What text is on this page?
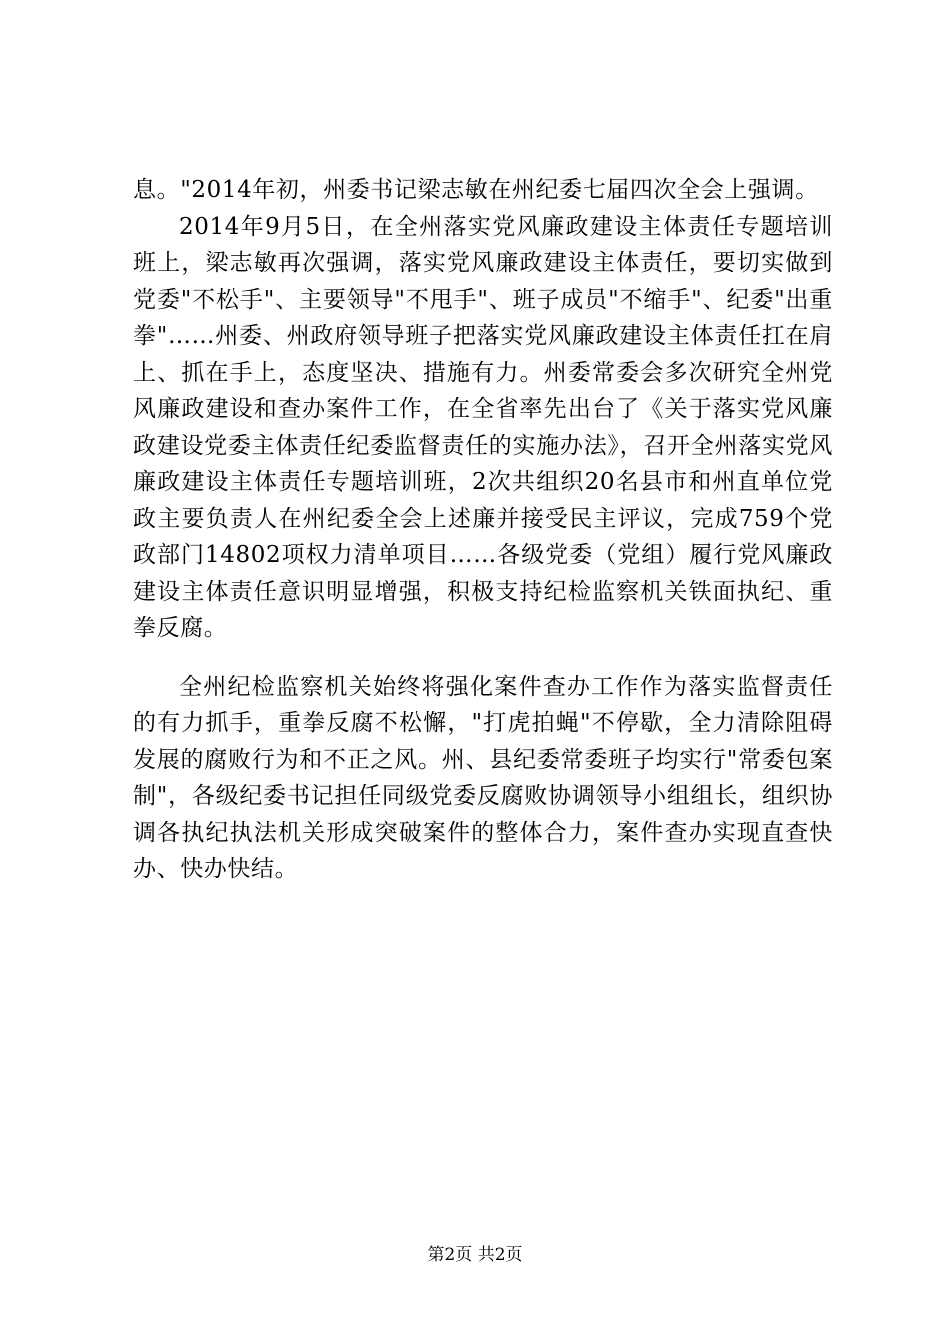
息。"2014年初，州委书记梁志敏在州纪委七届四次全会上强调。

2014年9月5日，在全州落实党风廉政建设主体责任专题培训班上，梁志敏再次强调，落实党风廉政建设主体责任，要切实做到党委"不松手"、主要领导"不甩手"、班子成员"不缩手"、纪委"出重拳"……州委、州政府领导班子把落实党风廉政建设主体责任扛在肩上、抓在手上，态度坚决、措施有力。州委常委会多次研究全州党风廉政建设和查办案件工作，在全省率先出台了《关于落实党风廉政建设党委主体责任纪委监督责任的实施办法》，召开全州落实党风廉政建设主体责任专题培训班，2次共组织20名县市和州直单位党政主要负责人在州纪委全会上述廉并接受民主评议，完成759个党政部门14802项权力清单项目……各级党委（党组）履行党风廉政建设主体责任意识明显增强，积极支持纪检监察机关铁面执纪、重拳反腐。

全州纪检监察机关始终将强化案件查办工作作为落实监督责任的有力抓手，重拳反腐不松懈，"打虎拍蝇"不停歇，全力清除阻碍发展的腐败行为和不正之风。州、县纪委常委班子均实行"常委包案制"，各级纪委书记担任同级党委反腐败协调领导小组组长，组织协调各执纪执法机关形成突破案件的整体合力，案件查办实现直查快办、快办快结。

第2页 共2页
